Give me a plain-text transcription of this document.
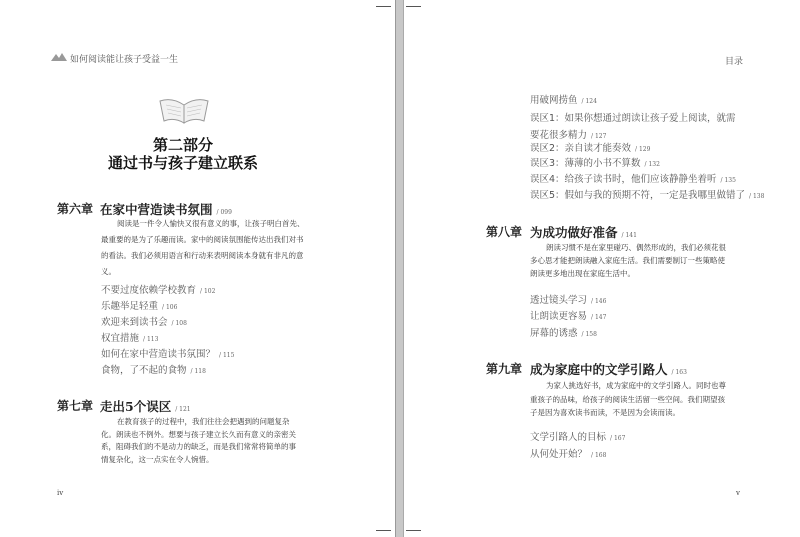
如何阅读能让孩子受益一生
第二部分
通过书与孩子建立联系
第六章 在家中营造读书氛围 / 099
阅读是一件令人愉快又很有意义的事，让孩子明白首先、最重要的是为了乐趣而读。家中的阅读氛围能传达出我们对书的看法。我们必须用语言和行动来表明阅读本身就有非凡的意义。
不要过度依赖学校教育 / 102
乐趣举足轻重 / 106
欢迎来到读书会 / 108
权宜措施 / 113
如何在家中营造读书氛围？ / 115
食物，了不起的食物 / 118
第七章 走出5个误区 / 121
在教育孩子的过程中，我们往往会把遇到的问题复杂化。朗读也不例外。想要与孩子建立长久而有意义的亲密关系，阻碍我们的不是动力的缺乏，而是我们常常将简单的事情复杂化，这一点实在令人惋惜。
iv
目录
用破网捞鱼 / 124
误区1：如果你想通过朗读让孩子爱上阅读，就需要花很多精力 / 127
误区2：亲自读才能奏效 / 129
误区3：薄薄的小书不算数 / 132
误区4：给孩子读书时，他们应该静静坐着听 / 135
误区5：假如与我的预期不符，一定是我哪里做错了 / 138
第八章 为成功做好准备 / 141
朗读习惯不是在家里碰巧、偶然形成的，我们必须花很多心思才能把朗读融入家庭生活。我们需要制订一些策略使朗读更多地出现在家庭生活中。
透过镜头学习 / 146
让朗读更容易 / 147
屏幕的诱惑 / 158
第九章 成为家庭中的文学引路人 / 163
为家人挑选好书，成为家庭中的文学引路人。同时也尊重孩子的品味，给孩子的阅读生活留一些空间。我们期望孩子是因为喜欢读书而读，不是因为会读而读。
文学引路人的目标 / 167
从何处开始？ / 168
v
